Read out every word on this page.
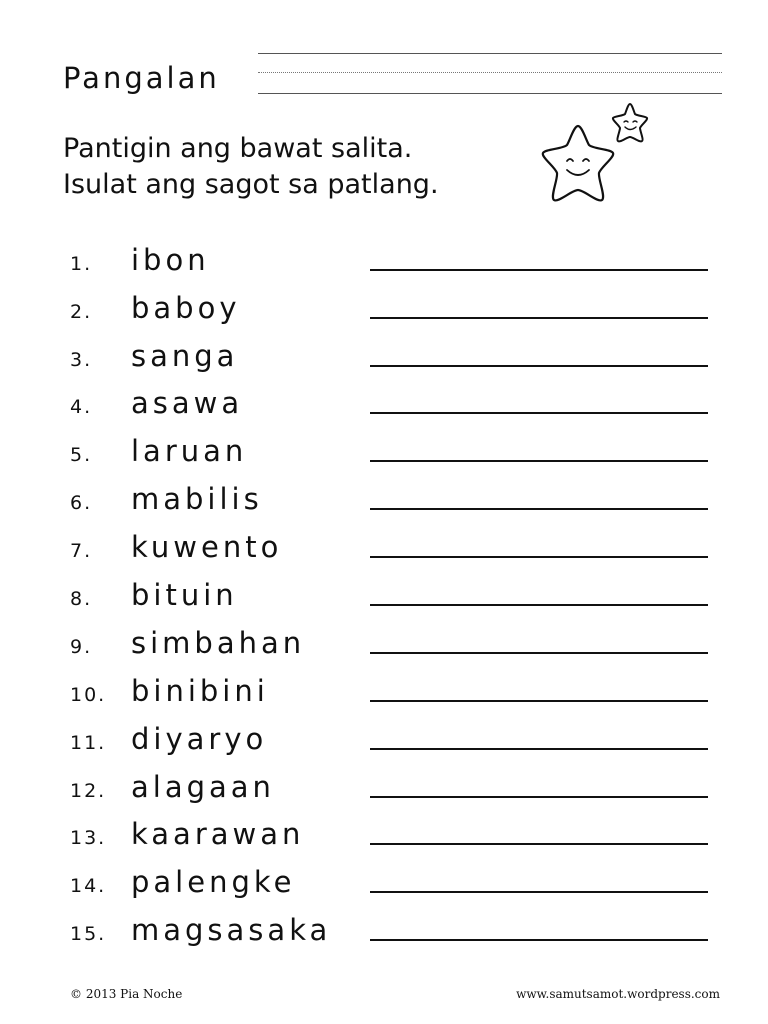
Pangalan
Pantigin ang bawat salita.
Isulat ang sagot sa patlang.
1. ibon
2. baboy
3. sanga
4. asawa
5. laruan
6. mabilis
7. kuwento
8. bituin
9. simbahan
10. binibini
11. diyaryo
12. alagaan
13. kaarawan
14. palengke
15. magsasaka
© 2013 Pia Noche	www.samutsamot.wordpress.com
